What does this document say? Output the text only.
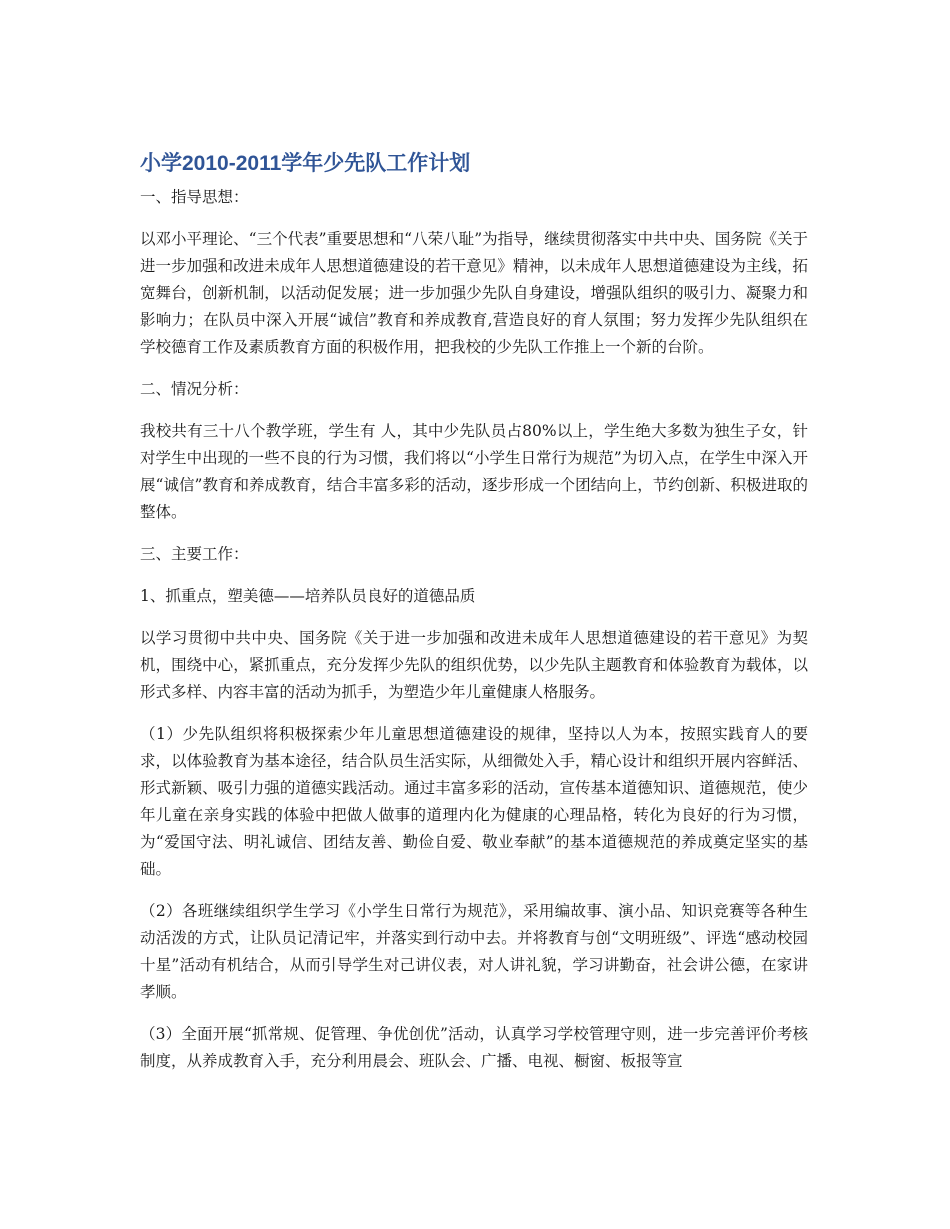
小学2010-2011学年少先队工作计划

一、指导思想：

以邓小平理论、“三个代表”重要思想和“八荣八耻”为指导，继续贯彻落实中共中央、国务院《关于进一步加强和改进未成年人思想道德建设的若干意见》精神，以未成年人思想道德建设为主线，拓宽舞台，创新机制，以活动促发展；进一步加强少先队自身建设，增强队组织的吸引力、凝聚力和影响力；在队员中深入开展“诚信”教育和养成教育,营造良好的育人氛围；努力发挥少先队组织在学校德育工作及素质教育方面的积极作用，把我校的少先队工作推上一个新的台阶。

二、情况分析：

我校共有三十八个教学班，学生有 人，其中少先队员占80%以上，学生绝大多数为独生子女，针对学生中出现的一些不良的行为习惯，我们将以“小学生日常行为规范”为切入点，在学生中深入开展“诚信”教育和养成教育，结合丰富多彩的活动，逐步形成一个团结向上，节约创新、积极进取的整体。

三、主要工作：

1、抓重点，塑美德——培养队员良好的道德品质

以学习贯彻中共中央、国务院《关于进一步加强和改进未成年人思想道德建设的若干意见》为契机，围绕中心，紧抓重点，充分发挥少先队的组织优势，以少先队主题教育和体验教育为载体，以形式多样、内容丰富的活动为抓手，为塑造少年儿童健康人格服务。

（1）少先队组织将积极探索少年儿童思想道德建设的规律，坚持以人为本，按照实践育人的要求，以体验教育为基本途径，结合队员生活实际，从细微处入手，精心设计和组织开展内容鲜活、形式新颖、吸引力强的道德实践活动。通过丰富多彩的活动，宣传基本道德知识、道德规范，使少年儿童在亲身实践的体验中把做人做事的道理内化为健康的心理品格，转化为良好的行为习惯，为“爱国守法、明礼诚信、团结友善、勤俭自爱、敬业奉献”的基本道德规范的养成奠定坚实的基础。

（2）各班继续组织学生学习《小学生日常行为规范》，采用编故事、演小品、知识竞赛等各种生动活泼的方式，让队员记清记牢，并落实到行动中去。并将教育与创“文明班级”、评选“感动校园十星”活动有机结合，从而引导学生对己讲仪表，对人讲礼貌，学习讲勤奋，社会讲公德，在家讲孝顺。

（3）全面开展“抓常规、促管理、争优创优”活动，认真学习学校管理守则，进一步完善评价考核制度，从养成教育入手，充分利用晨会、班队会、广播、电视、橱窗、板报等宣
